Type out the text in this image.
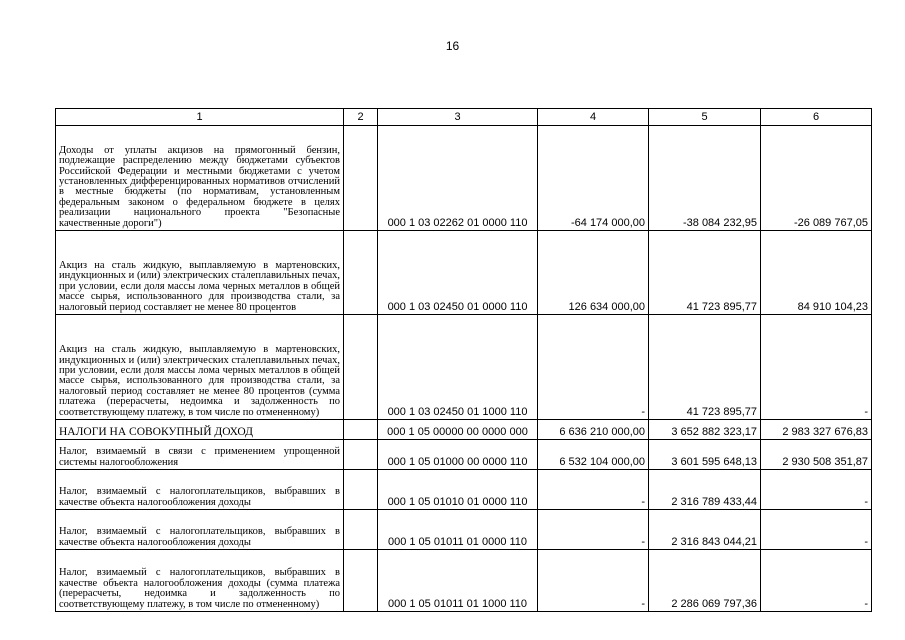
16
1	2	3	4	5	6
Доходы от уплаты акцизов на прямогонный бензин, подлежащие распределению между бюджетами субъектов Российской Федерации и местными бюджетами с учетом установленных дифференцированных нормативов отчислений в местные бюджеты (по нормативам, установленным федеральным законом о федеральном бюджете в целях реализации национального проекта "Безопасные качественные дороги")		000 1 03 02262 01 0000 110	-64 174 000,00	-38 084 232,95	-26 089 767,05
Акциз на сталь жидкую, выплавляемую в мартеновских, индукционных и (или) электрических сталеплавильных печах, при условии, если доля массы лома черных металлов в общей массе сырья, использованного для производства стали, за налоговый период составляет не менее 80 процентов		000 1 03 02450 01 0000 110	126 634 000,00	41 723 895,77	84 910 104,23
Акциз на сталь жидкую, выплавляемую в мартеновских, индукционных и (или) электрических сталеплавильных печах, при условии, если доля массы лома черных металлов в общей массе сырья, использованного для производства стали, за налоговый период составляет не менее 80 процентов (сумма платежа (перерасчеты, недоимка и задолженность по соответствующему платежу, в том числе по отмененному)		000 1 03 02450 01 1000 110	-	41 723 895,77	-
НАЛОГИ НА СОВОКУПНЫЙ ДОХОД		000 1 05 00000 00 0000 000	6 636 210 000,00	3 652 882 323,17	2 983 327 676,83
Налог, взимаемый в связи с применением упрощенной системы налогообложения		000 1 05 01000 00 0000 110	6 532 104 000,00	3 601 595 648,13	2 930 508 351,87
Налог, взимаемый с налогоплательщиков, выбравших в качестве объекта налогообложения доходы		000 1 05 01010 01 0000 110	-	2 316 789 433,44	-
Налог, взимаемый с налогоплательщиков, выбравших в качестве объекта налогообложения доходы		000 1 05 01011 01 0000 110	-	2 316 843 044,21	-
Налог, взимаемый с налогоплательщиков, выбравших в качестве объекта налогообложения доходы (сумма платежа (перерасчеты, недоимка и задолженность по соответствующему платежу, в том числе по отмененному)		000 1 05 01011 01 1000 110	-	2 286 069 797,36	-
